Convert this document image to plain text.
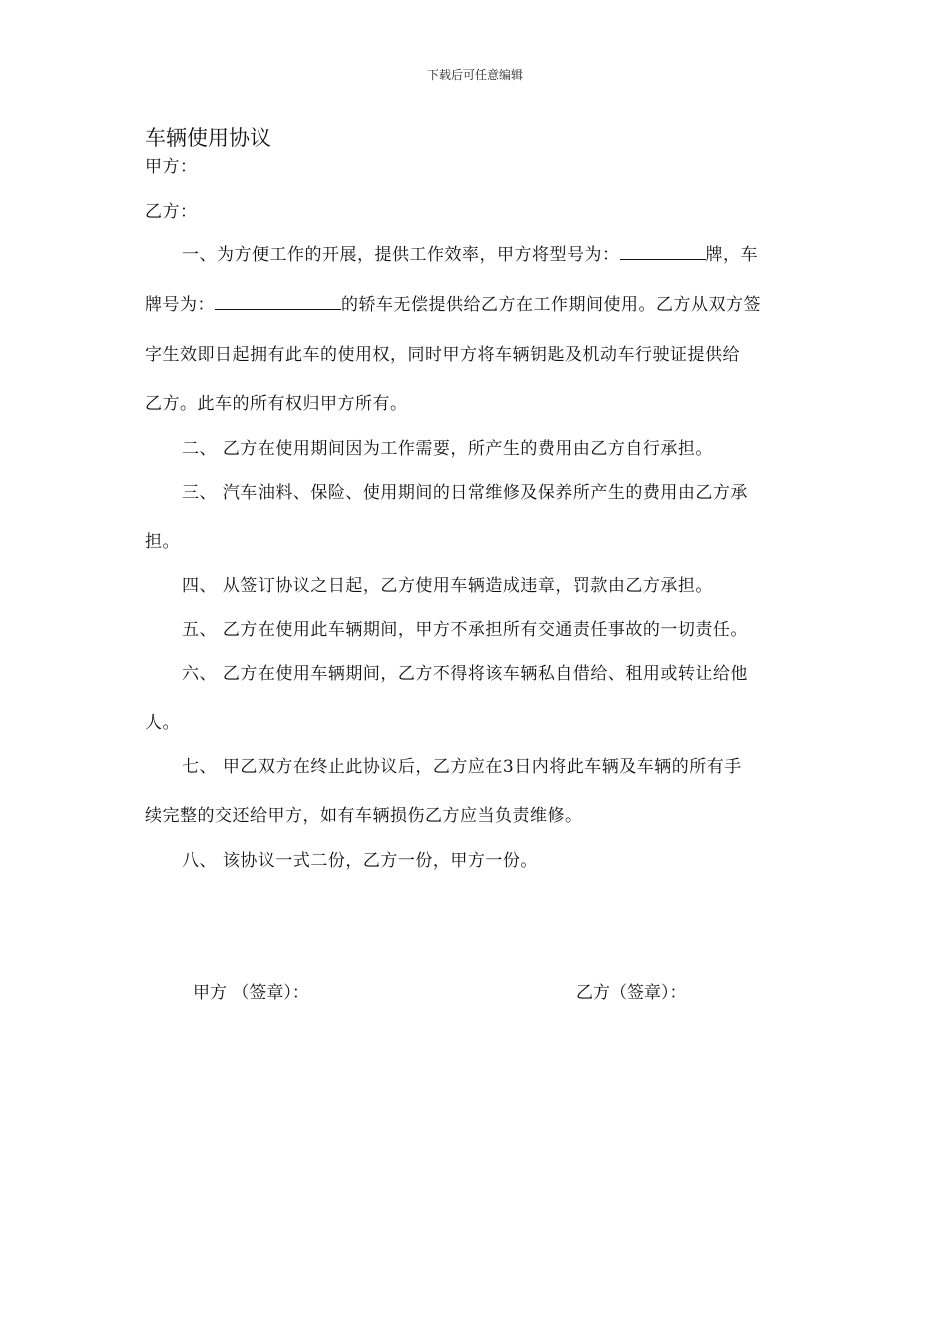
下载后可任意编辑
车辆使用协议
甲方：
乙方：
一、为方便工作的开展，提供工作效率，甲方将型号为：	牌，车
牌号为：	的轿车无偿提供给乙方在工作期间使用。乙方从双方签
字生效即日起拥有此车的使用权，同时甲方将车辆钥匙及机动车行驶证提供给
乙方。此车的所有权归甲方所有。
二、 乙方在使用期间因为工作需要，所产生的费用由乙方自行承担。
三、 汽车油料、保险、使用期间的日常维修及保养所产生的费用由乙方承
担。
四、 从签订协议之日起，乙方使用车辆造成违章，罚款由乙方承担。
五、 乙方在使用此车辆期间，甲方不承担所有交通责任事故的一切责任。
六、 乙方在使用车辆期间，乙方不得将该车辆私自借给、租用或转让给他
人。
七、 甲乙双方在终止此协议后，乙方应在3日内将此车辆及车辆的所有手
续完整的交还给甲方，如有车辆损伤乙方应当负责维修。
八、 该协议一式二份，乙方一份，甲方一份。
甲方 （签章）：	乙方（签章）：
